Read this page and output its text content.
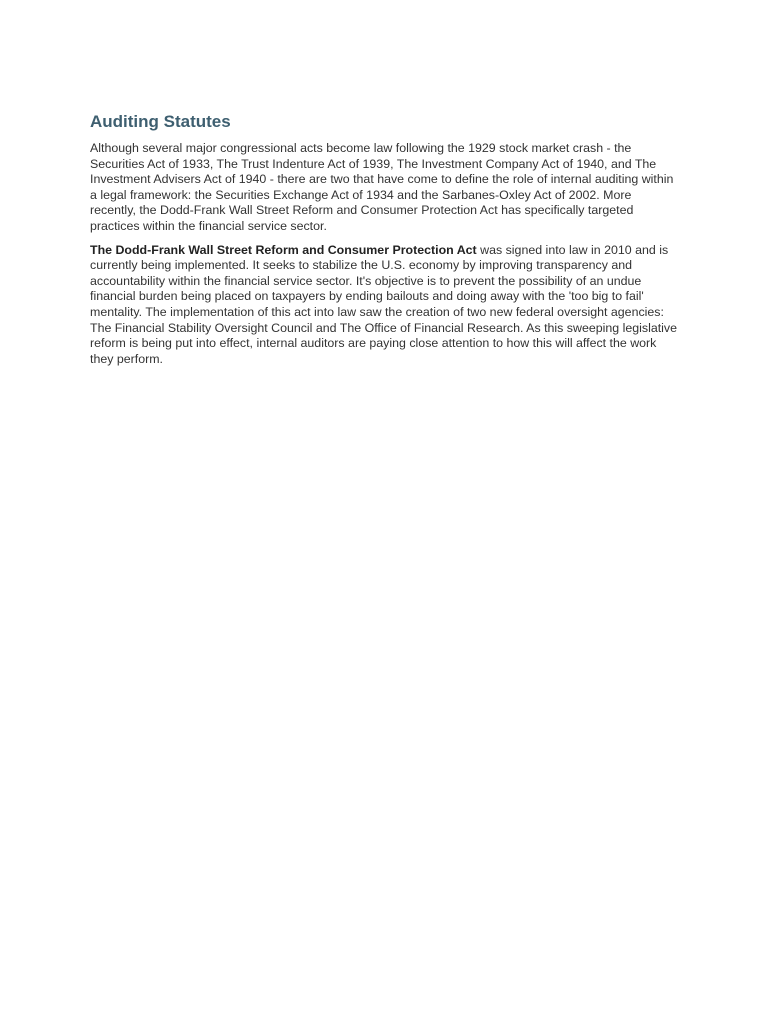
Auditing Statutes

Although several major congressional acts become law following the 1929 stock market crash - the Securities Act of 1933, The Trust Indenture Act of 1939, The Investment Company Act of 1940, and The Investment Advisers Act of 1940 - there are two that have come to define the role of internal auditing within a legal framework: the Securities Exchange Act of 1934 and the Sarbanes-Oxley Act of 2002. More recently, the Dodd-Frank Wall Street Reform and Consumer Protection Act has specifically targeted practices within the financial service sector.

The Dodd-Frank Wall Street Reform and Consumer Protection Act was signed into law in 2010 and is currently being implemented. It seeks to stabilize the U.S. economy by improving transparency and accountability within the financial service sector. It's objective is to prevent the possibility of an undue financial burden being placed on taxpayers by ending bailouts and doing away with the 'too big to fail' mentality. The implementation of this act into law saw the creation of two new federal oversight agencies: The Financial Stability Oversight Council and The Office of Financial Research. As this sweeping legislative reform is being put into effect, internal auditors are paying close attention to how this will affect the work they perform.
